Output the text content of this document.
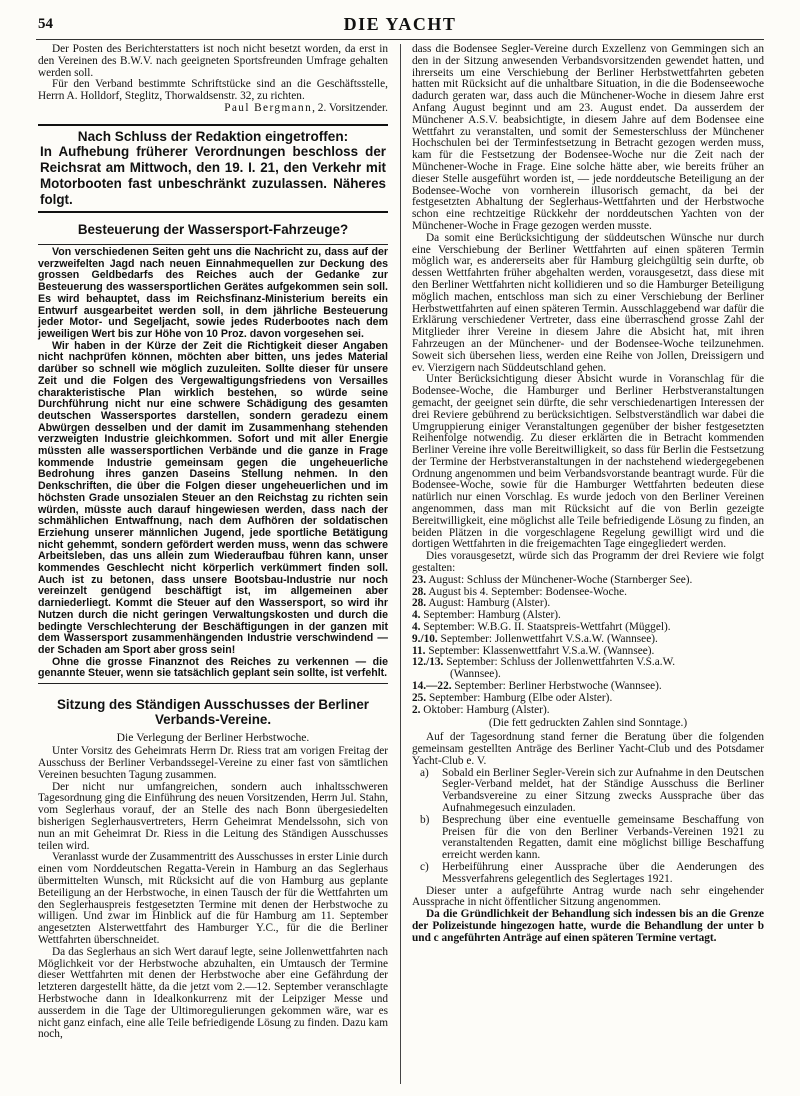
54	DIE YACHT

Der Posten des Berichterstatters ist noch nicht besetzt worden, da erst in den Vereinen des B.W.V. nach geeigneten Sportsfreunden Umfrage gehalten werden soll.

Für den Verband bestimmte Schriftstücke sind an die Geschäftsstelle, Herrn A. Holldorf, Steglitz, Thorwaldsenstr. 32, zu richten.

Paul Bergmann, 2. Vorsitzender.
Nach Schluss der Redaktion eingetroffen:
In Aufhebung früherer Verordnungen beschloss der Reichsrat am Mittwoch, den 19. I. 21, den Verkehr mit Motorbooten fast unbeschränkt zuzulassen. Näheres folgt.
Besteuerung der Wassersport-Fahrzeuge?

Von verschiedenen Seiten geht uns die Nachricht zu, dass auf der verzweifelten Jagd nach neuen Einnahmequellen zur Deckung des grossen Geldbedarfs des Reiches auch der Gedanke zur Besteuerung des wassersportlichen Gerätes aufgekommen sein soll. Es wird behauptet, dass im Reichsfinanz-Ministerium bereits ein Entwurf ausgearbeitet werden soll, in dem jährliche Besteuerung jeder Motor- und Segeljacht, sowie jedes Ruderbootes nach dem jeweiligen Wert bis zur Höhe von 10 Proz. davon vorgesehen sei.

Wir haben in der Kürze der Zeit die Richtigkeit dieser Angaben nicht nachprüfen können, möchten aber bitten, uns jedes Material darüber so schnell wie möglich zuzuleiten. Sollte dieser für unsere Zeit und die Folgen des Vergewaltigungsfriedens von Versailles charakteristische Plan wirklich bestehen, so würde seine Durchführung nicht nur eine schwere Schädigung des gesamten deutschen Wassersportes darstellen, sondern geradezu einem Abwürgen desselben und der damit im Zusammenhang stehenden verzweigten Industrie gleichkommen. Sofort und mit aller Energie müssten alle wassersportlichen Verbände und die ganze in Frage kommende Industrie gemeinsam gegen die ungeheuerliche Bedrohung ihres ganzen Daseins Stellung nehmen. In den Denkschriften, die über die Folgen dieser ungeheuerlichen und im höchsten Grade unsozialen Steuer an den Reichstag zu richten sein würden, müsste auch darauf hingewiesen werden, dass nach der schmählichen Entwaffnung, nach dem Aufhören der soldatischen Erziehung unserer männlichen Jugend, jede sportliche Betätigung nicht gehemmt, sondern gefördert werden muss, wenn das schwere Arbeitsleben, das uns allein zum Wiederaufbau führen kann, unser kommendes Geschlecht nicht körperlich verkümmert finden soll. Auch ist zu betonen, dass unsere Bootsbau-Industrie nur noch vereinzelt genügend beschäftigt ist, im allgemeinen aber darniederliegt. Kommt die Steuer auf den Wassersport, so wird ihr Nutzen durch die nicht geringen Verwaltungskosten und durch die bedingte Verschlechterung der Beschäftigungen in der ganzen mit dem Wassersport zusammenhängenden Industrie verschwindend — der Schaden am Sport aber gross sein!

Ohne die grosse Finanznot des Reiches zu verkennen — die genannte Steuer, wenn sie tatsächlich geplant sein sollte, ist verfehlt.

Sitzung des Ständigen Ausschusses der Berliner Verbands-Vereine.
Die Verlegung der Berliner Herbstwoche.

Unter Vorsitz des Geheimrats Herrn Dr. Riess trat am vorigen Freitag der Ausschuss der Berliner Verbandssegel-Vereine zu einer fast von sämtlichen Vereinen besuchten Tagung zusammen.

Der nicht nur umfangreichen, sondern auch inhaltsschweren Tagesordnung ging die Einführung des neuen Vorsitzenden, Herrn Jul. Stahn, vom Seglerhaus vorauf, der an Stelle des nach Bonn übergesiedelten bisherigen Seglerhausvertreters, Herrn Geheimrat Mendelssohn, sich von nun an mit Geheimrat Dr. Riess in die Leitung des Ständigen Ausschusses teilen wird.

Veranlasst wurde der Zusammentritt des Ausschusses in erster Linie durch einen vom Norddeutschen Regatta-Verein in Hamburg an das Seglerhaus übermittelten Wunsch, mit Rücksicht auf die von Hamburg aus geplante Beteiligung an der Herbstwoche, in einen Tausch der für die Wettfahrten um den Seglerhauspreis festgesetzten Termine mit denen der Herbstwoche zu willigen. Und zwar im Hinblick auf die für Hamburg am 11. September angesetzten Alsterwettfahrt des Hamburger Y.C., für die die Berliner Wettfahrten überschneidet.

Da das Seglerhaus an sich Wert darauf legte, seine Jollenwettfahrten nach Möglichkeit vor der Herbstwoche abzuhalten, ein Umtausch der Termine dieser Wettfahrten mit denen der Herbstwoche aber eine Gefährdung der letzteren dargestellt hätte, da die jetzt vom 2.—12. September veranschlagte Herbstwoche dann in Idealkonkurrenz mit der Leipziger Messe und ausserdem in die Tage der Ultimoregulierungen gekommen wäre, war es nicht ganz einfach, eine alle Teile befriedigende Lösung zu finden. Dazu kam noch,

dass die Bodensee Segler-Vereine durch Exzellenz von Gemmingen sich an den in der Sitzung anwesenden Verbandsvorsitzenden gewendet hatten, und ihrerseits um eine Verschiebung der Berliner Herbstwettfahrten gebeten hatten mit Rücksicht auf die unhaltbare Situation, in die die Bodenseewoche dadurch geraten war, dass auch die Münchener-Woche in diesem Jahre erst Anfang August beginnt und am 23. August endet. Da ausserdem der Münchener A.S.V. beabsichtigte, in diesem Jahre auf dem Bodensee eine Wettfahrt zu veranstalten, und somit der Semesterschluss der Münchener Hochschulen bei der Terminfestsetzung in Betracht gezogen werden muss, kam für die Festsetzung der Bodensee-Woche nur die Zeit nach der Münchener-Woche in Frage. Eine solche hätte aber, wie bereits früher an dieser Stelle ausgeführt worden ist, — jede norddeutsche Beteiligung an der Bodensee-Woche von vornherein illusorisch gemacht, da bei der festgesetzten Abhaltung der Seglerhaus-Wettfahrten und der Herbstwoche schon eine rechtzeitige Rückkehr der norddeutschen Yachten von der Münchener-Woche in Frage gezogen werden musste.

Da somit eine Berücksichtigung der süddeutschen Wünsche nur durch eine Verschiebung der Berliner Wettfahrten auf einen späteren Termin möglich war, es andererseits aber für Hamburg gleichgültig sein durfte, ob dessen Wettfahrten früher abgehalten werden, vorausgesetzt, dass diese mit den Berliner Wettfahrten nicht kollidieren und so die Hamburger Beteiligung möglich machen, entschloss man sich zu einer Verschiebung der Berliner Herbstwettfahrten auf einen späteren Termin. Ausschlaggebend war dafür die Erklärung verschiedener Vertreter, dass eine überraschend grosse Zahl der Mitglieder ihrer Vereine in diesem Jahre die Absicht hat, mit ihren Fahrzeugen an der Münchener- und der Bodensee-Woche teilzunehmen. Soweit sich übersehen liess, werden eine Reihe von Jollen, Dreissigern und ev. Vierzigern nach Süddeutschland gehen.

Unter Berücksichtigung dieser Absicht wurde in Voranschlag für die Bodensee-Woche, die Hamburger und Berliner Herbstveranstaltungen gemacht, der geeignet sein dürfte, die sehr verschiedenartigen Interessen der drei Reviere gebührend zu berücksichtigen. Selbstverständlich war dabei die Umgruppierung einiger Veranstaltungen gegenüber der bisher festgesetzten Reihenfolge notwendig. Zu dieser erklärten die in Betracht kommenden Berliner Vereine ihre volle Bereitwilligkeit, so dass für Berlin die Festsetzung der Termine der Herbstveranstaltungen in der nachstehend wiedergegebenen Ordnung angenommen und beim Verbandsvorstande beantragt wurde. Für die Bodensee-Woche, sowie für die Hamburger Wettfahrten bedeuten diese natürlich nur einen Vorschlag. Es wurde jedoch von den Berliner Vereinen angenommen, dass man mit Rücksicht auf die von Berlin gezeigte Bereitwilligkeit, eine möglichst alle Teile befriedigende Lösung zu finden, an beiden Plätzen in die vorgeschlagene Regelung gewilligt wird und die dortigen Wettfahrten in die freigemachten Tage eingegliedert werden.

Dies vorausgesetzt, würde sich das Programm der drei Reviere wie folgt gestalten:

23. August: Schluss der Münchener-Woche (Starnberger See).
28. August bis 4. September: Bodensee-Woche.
28. August: Hamburg (Alster).
4. September: Hamburg (Alster).
4. September: W.B.G. II. Staatspreis-Wettfahrt (Müggel).
9./10. September: Jollenwettfahrt V.S.a.W. (Wannsee).
11. September: Klassenwettfahrt V.S.a.W. (Wannsee).
12./13. September: Schluss der Jollenwettfahrten V.S.a.W.
(Wannsee).
14.—22. September: Berliner Herbstwoche (Wannsee).
25. September: Hamburg (Elbe oder Alster).
2. Oktober: Hamburg (Alster).
(Die fett gedruckten Zahlen sind Sonntage.)

Auf der Tagesordnung stand ferner die Beratung über die folgenden gemeinsam gestellten Anträge des Berliner Yacht-Club und des Potsdamer Yacht-Club e. V.

a)	Sobald ein Berliner Segler-Verein sich zur Aufnahme in den Deutschen Segler-Verband meldet, hat der Ständige Ausschuss die Berliner Verbandsvereine zu einer Sitzung zwecks Aussprache über das Aufnahmegesuch einzuladen.
b)	Besprechung über eine eventuelle gemeinsame Beschaffung von Preisen für die von den Berliner Verbands-Vereinen 1921 zu veranstaltenden Regatten, damit eine möglichst billige Beschaffung erreicht werden kann.
c)	Herbeiführung einer Aussprache über die Aenderungen des Messverfahrens gelegentlich des Seglertages 1921.

Dieser unter a aufgeführte Antrag wurde nach sehr eingehender Aussprache in nicht öffentlicher Sitzung angenommen.

Da die Gründlichkeit der Behandlung sich indessen bis an die Grenze der Polizeistunde hingezogen hatte, wurde die Behandlung der unter b und c angeführten Anträge auf einen späteren Termine vertagt.
